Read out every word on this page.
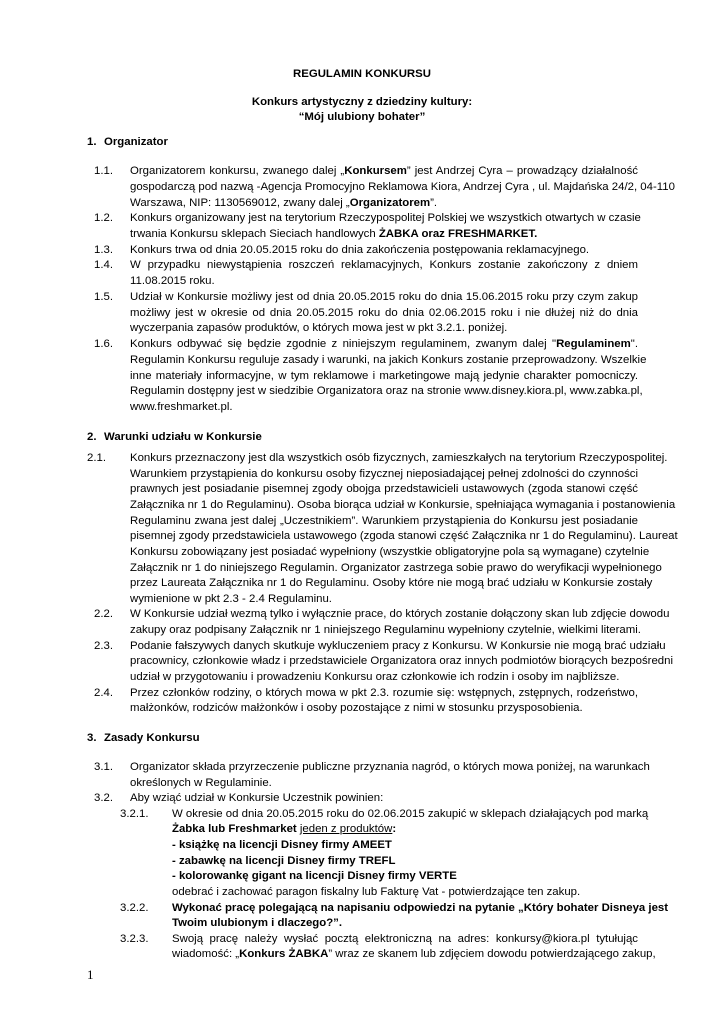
REGULAMIN KONKURSU
Konkurs artystyczny z dziedziny kultury:
“Mój ulubiony bohater”
1. Organizator
1.1. Organizatorem konkursu, zwanego dalej „Konkursem” jest Andrzej Cyra – prowadzący działalność
gospodarczą pod nazwą -Agencja Promocyjno Reklamowa Kiora, Andrzej Cyra , ul. Majdańska 24/2, 04-110
Warszawa, NIP: 1130569012, zwany dalej „Organizatorem”.
1.2. Konkurs organizowany jest na terytorium Rzeczypospolitej Polskiej we wszystkich otwartych w czasie
trwania Konkursu sklepach Sieciach handlowych ŻABKA oraz FRESHMARKET.
1.3. Konkurs trwa od dnia 20.05.2015 roku do dnia zakończenia postępowania reklamacyjnego.
1.4. W przypadku niewystąpienia roszczeń reklamacyjnych, Konkurs zostanie zakończony z dniem
11.08.2015 roku.
1.5. Udział w Konkursie możliwy jest od dnia 20.05.2015 roku do dnia 15.06.2015 roku przy czym zakup
możliwy jest w okresie od dnia 20.05.2015 roku do dnia 02.06.2015 roku i nie dłużej niż do dnia
wyczerpania zapasów produktów, o których mowa jest w pkt 3.2.1. poniżej.
1.6. Konkurs odbywać się będzie zgodnie z niniejszym regulaminem, zwanym dalej "Regulaminem".
Regulamin Konkursu reguluje zasady i warunki, na jakich Konkurs zostanie przeprowadzony. Wszelkie
inne materiały informacyjne, w tym reklamowe i marketingowe mają jedynie charakter pomocniczy.
Regulamin dostępny jest w siedzibie Organizatora oraz na stronie www.disney.kiora.pl, www.zabka.pl,
www.freshmarket.pl.
2. Warunki udziału w Konkursie
2.1. Konkurs przeznaczony jest dla wszystkich osób fizycznych, zamieszkałych na terytorium Rzeczypospolitej.
Warunkiem przystąpienia do konkursu osoby fizycznej nieposiadającej pełnej zdolności do czynności
prawnych jest posiadanie pisemnej zgody obojga przedstawicieli ustawowych (zgoda stanowi część
Załącznika nr 1 do Regulaminu). Osoba biorąca udział w Konkursie, spełniająca wymagania i postanowienia
Regulaminu zwana jest dalej „Uczestnikiem”. Warunkiem przystąpienia do Konkursu jest posiadanie
pisemnej zgody przedstawiciela ustawowego (zgoda stanowi część Załącznika nr 1 do Regulaminu). Laureat
Konkursu zobowiązany jest posiadać wypełniony (wszystkie obligatoryjne pola są wymagane) czytelnie
Załącznik nr 1 do niniejszego Regulamin. Organizator zastrzega sobie prawo do weryfikacji wypełnionego
przez Laureata Załącznika nr 1 do Regulaminu. Osoby które nie mogą brać udziału w Konkursie zostały
wymienione w pkt 2.3 - 2.4 Regulaminu.
2.2. W Konkursie udział wezmą tylko i wyłącznie prace, do których zostanie dołączony skan lub zdjęcie dowodu
zakupy oraz podpisany Załącznik nr 1 niniejszego Regulaminu wypełniony czytelnie, wielkimi literami.
2.3. Podanie fałszywych danych skutkuje wykluczeniem pracy z Konkursu. W Konkursie nie mogą brać udziału
pracownicy, członkowie władz i przedstawiciele Organizatora oraz innych podmiotów biorących bezpośredni
udział w przygotowaniu i prowadzeniu Konkursu oraz członkowie ich rodzin i osoby im najbliższe.
2.4. Przez członków rodziny, o których mowa w pkt 2.3. rozumie się: wstępnych, zstępnych, rodzeństwo,
małżonków, rodziców małżonków i osoby pozostające z nimi w stosunku przysposobienia.
3. Zasady Konkursu
3.1. Organizator składa przyrzeczenie publiczne przyznania nagród, o których mowa poniżej, na warunkach
określonych w Regulaminie.
3.2. Aby wziąć udział w Konkursie Uczestnik powinien:
3.2.1. W okresie od dnia 20.05.2015 roku do 02.06.2015 zakupić w sklepach działających pod marką
Żabka lub Freshmarket jeden z produktów:
- książkę na licencji Disney firmy AMEET
- zabawkę na licencji Disney firmy TREFL
- kolorowankę gigant na licencji Disney firmy VERTE
odebrać i zachować paragon fiskalny lub Fakturę Vat - potwierdzające ten zakup.
3.2.2. Wykonać pracę polegającą na napisaniu odpowiedzi na pytanie „Który bohater Disneya jest
Twoim ulubionym i dlaczego?”.
3.2.3. Swoją pracę należy wysłać pocztą elektroniczną na adres: konkursy@kiora.pl tytułując
wiadomość: „Konkurs ŻABKA” wraz ze skanem lub zdjęciem dowodu potwierdzającego zakup,
1
